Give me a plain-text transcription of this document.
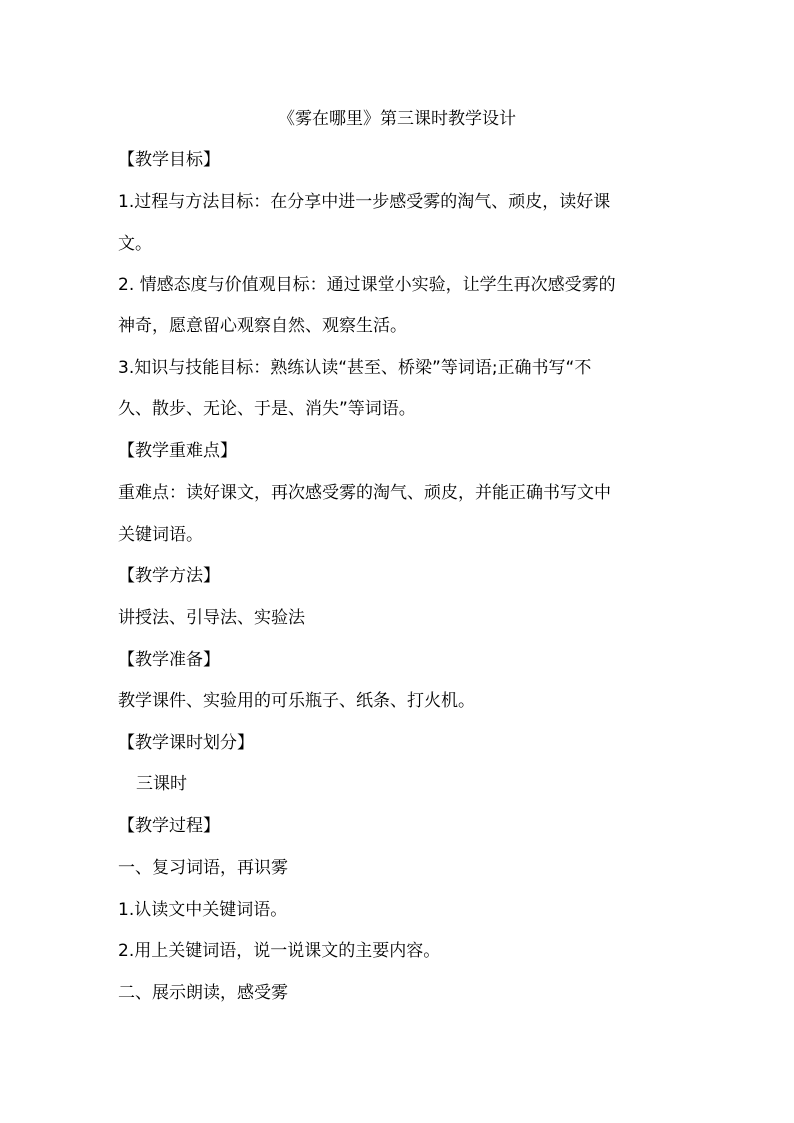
《雾在哪里》第三课时教学设计
【教学目标】
1.过程与方法目标：在分享中进一步感受雾的淘气、顽皮，读好课
文。
2. 情感态度与价值观目标：通过课堂小实验，让学生再次感受雾的
神奇，愿意留心观察自然、观察生活。
3.知识与技能目标：熟练认读“甚至、桥梁”等词语;正确书写“不
久、散步、无论、于是、消失”等词语。
【教学重难点】
重难点：读好课文，再次感受雾的淘气、顽皮，并能正确书写文中
关键词语。
【教学方法】
讲授法、引导法、实验法
【教学准备】
教学课件、实验用的可乐瓶子、纸条、打火机。
【教学课时划分】
三课时
【教学过程】
一、复习词语，再识雾
1.认读文中关键词语。
2.用上关键词语，说一说课文的主要内容。
二、展示朗读，感受雾
